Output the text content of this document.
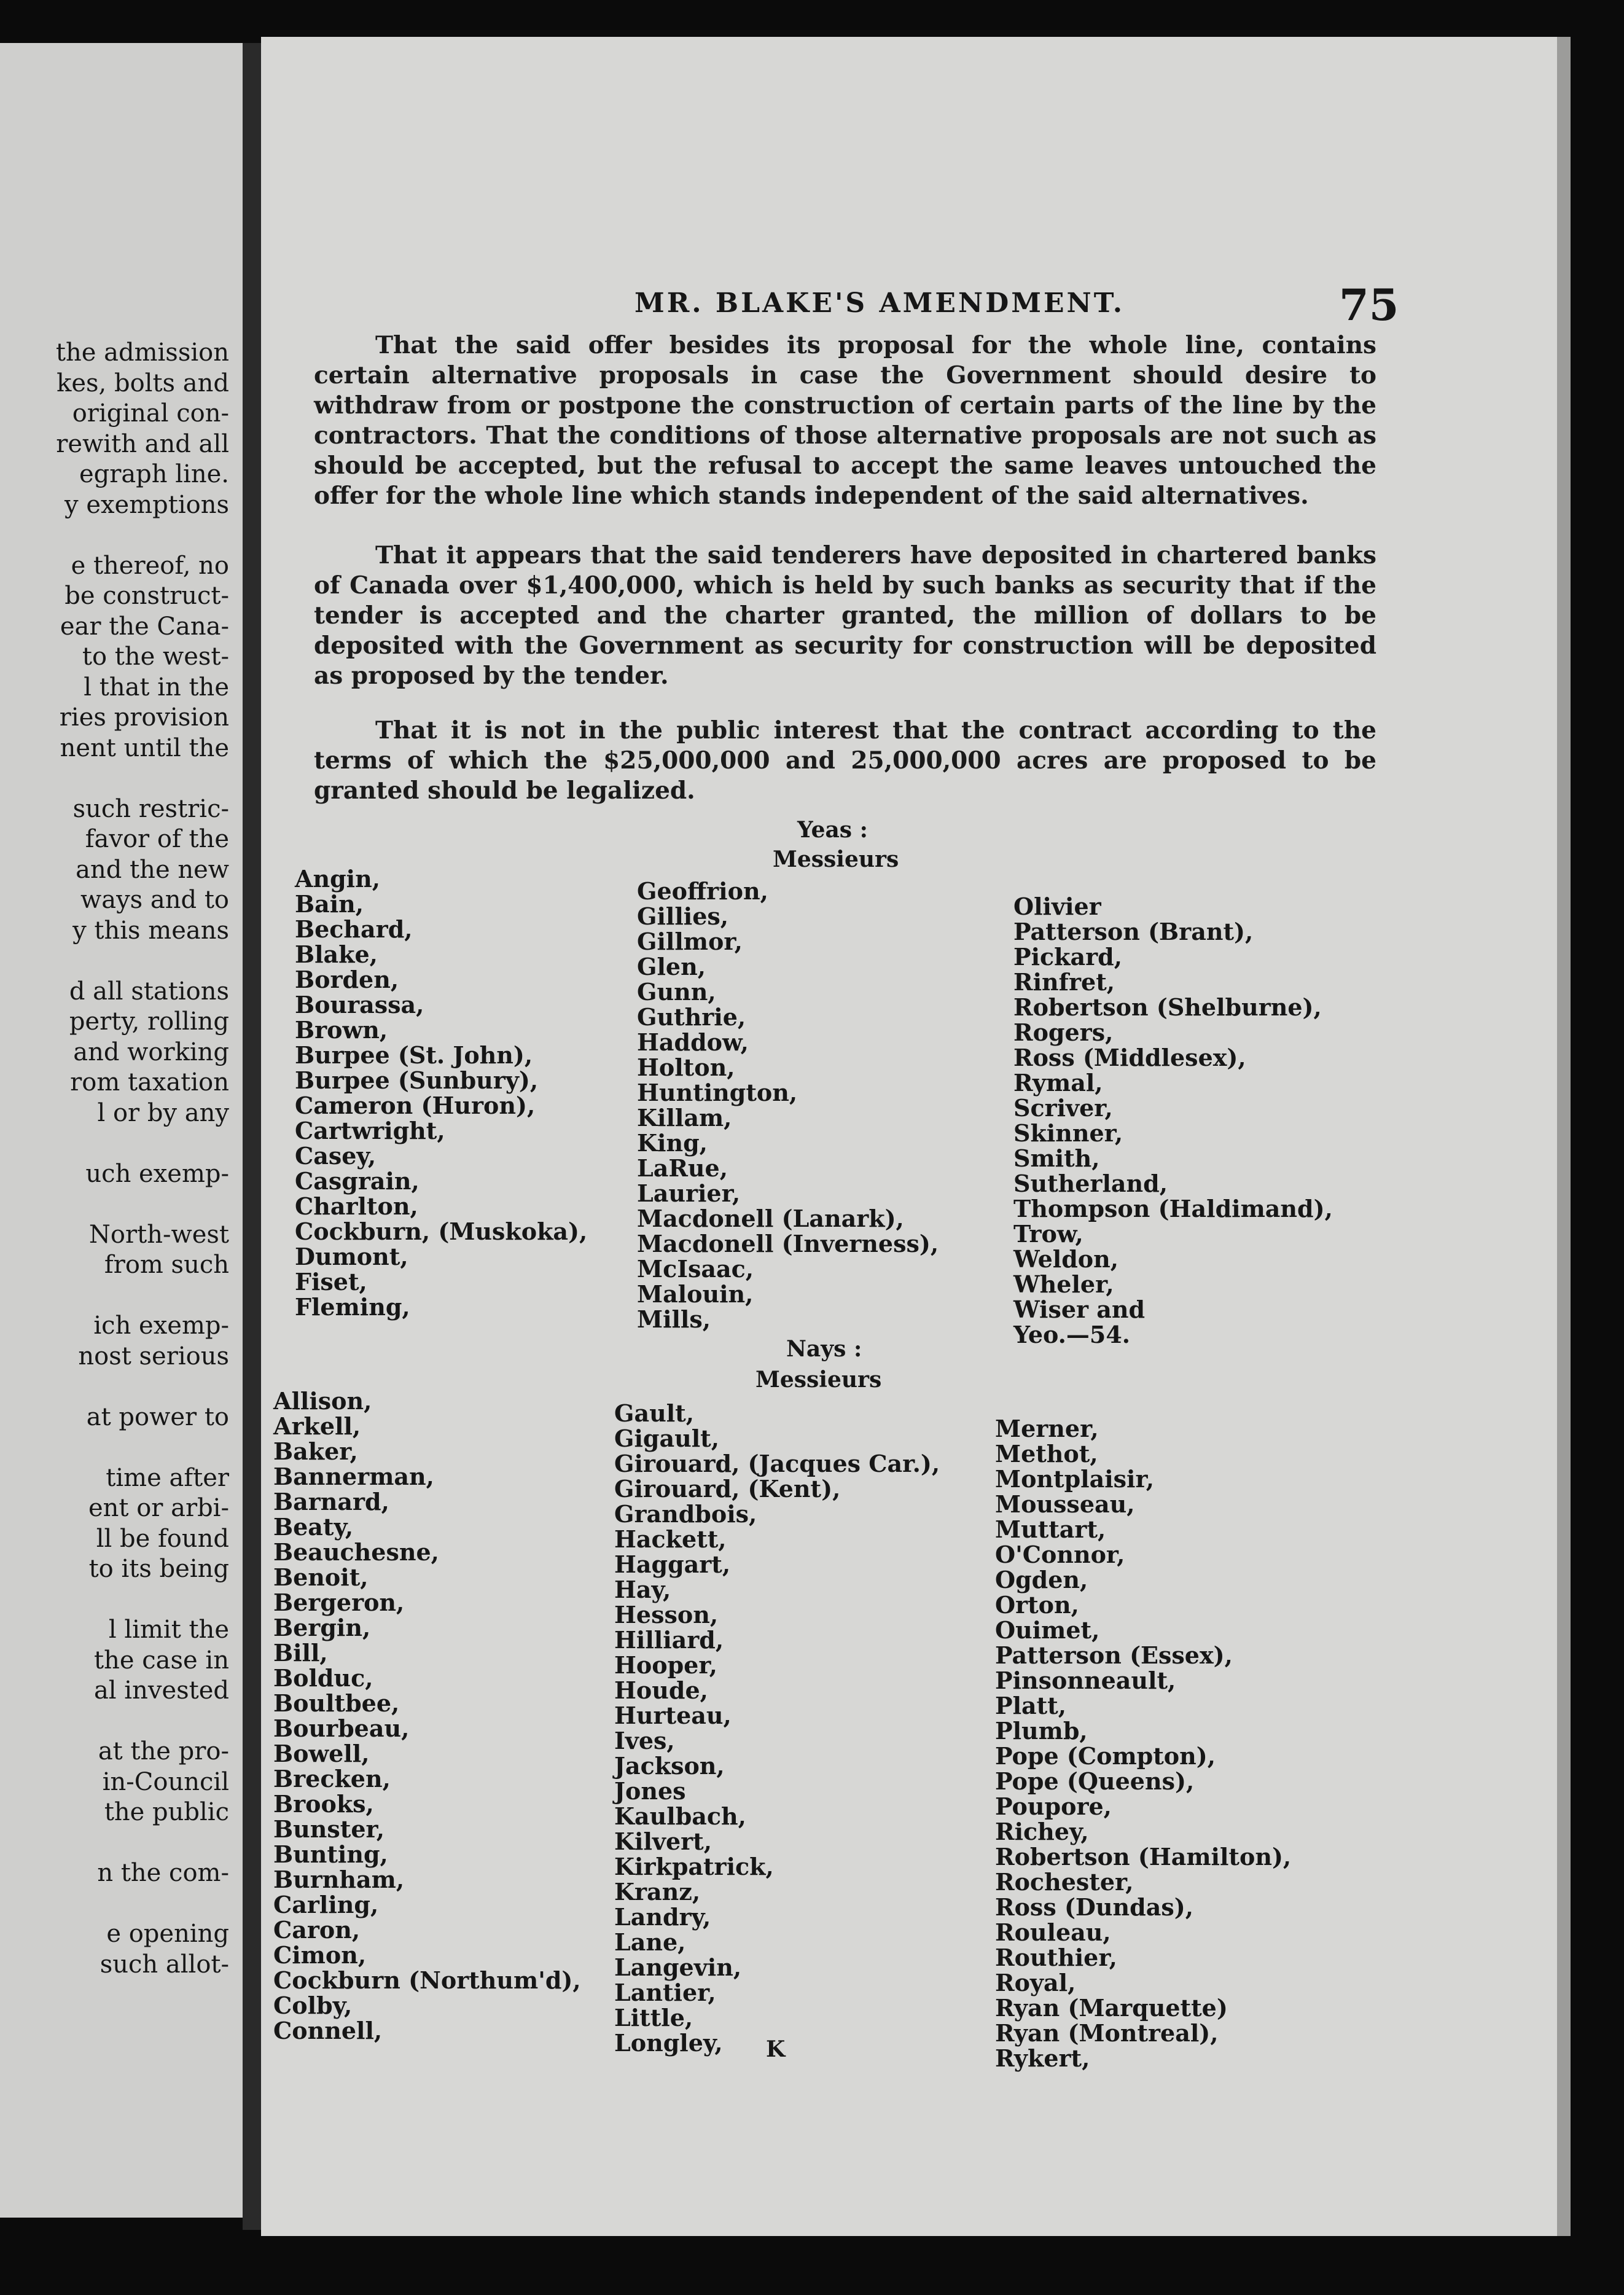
the admission
kes, bolts and
original con-
rewith and all
egraph line.
y exemptions
e thereof, no
be construct-
ear the Cana-
to the west-
l that in the
ries provision
nent until the
such restric-
favor of the
and the new
ways and to
y this means
d all stations
perty, rolling
and working
rom taxation
l or by any
uch exemp-
North-west
from such
ich exemp-
nost serious
at power to
time after
ent or arbi-
ll be found
to its being
l limit the
the case in
al invested
at the pro-
in-Council
the public
n the com-
e opening
such allot-
MR. BLAKE'S AMENDMENT.	75
That the said offer besides its proposal for the whole line, contains certain alternative proposals in case the Government should desire to withdraw from or postpone the construction of certain parts of the line by the contractors. That the conditions of those alternative proposals are not such as should be accepted, but the refusal to accept the same leaves untouched the offer for the whole line which stands independent of the said alternatives.
That it appears that the said tenderers have deposited in chartered banks of Canada over $1,400,000, which is held by such banks as security that if the tender is accepted and the charter granted, the million of dollars to be deposited with the Government as security for construction will be deposited as proposed by the tender.
That it is not in the public interest that the contract according to the terms of which the $25,000,000 and 25,000,000 acres are proposed to be granted should be legalized.
Yeas :
Messieurs
Angin,
Bain,
Bechard,
Blake,
Borden,
Bourassa,
Brown,
Burpee (St. John),
Burpee (Sunbury),
Cameron (Huron),
Cartwright,
Casey,
Casgrain,
Charlton,
Cockburn, (Muskoka),
Dumont,
Fiset,
Fleming,
Geoffrion,
Gillies,
Gillmor,
Glen,
Gunn,
Guthrie,
Haddow,
Holton,
Huntington,
Killam,
King,
LaRue,
Laurier,
Macdonell (Lanark),
Macdonell (Inverness),
McIsaac,
Malouin,
Mills,
Olivier
Patterson (Brant),
Pickard,
Rinfret,
Robertson (Shelburne),
Rogers,
Ross (Middlesex),
Rymal,
Scriver,
Skinner,
Smith,
Sutherland,
Thompson (Haldimand),
Trow,
Weldon,
Wheler,
Wiser and
Yeo.—54.
Nays :
Messieurs
Allison,
Arkell,
Baker,
Bannerman,
Barnard,
Beaty,
Beauchesne,
Benoit,
Bergeron,
Bergin,
Bill,
Bolduc,
Boultbee,
Bourbeau,
Bowell,
Brecken,
Brooks,
Bunster,
Bunting,
Burnham,
Carling,
Caron,
Cimon,
Cockburn (Northum'd),
Colby,
Connell,
Gault,
Gigault,
Girouard, (Jacques Car.),
Girouard, (Kent),
Grandbois,
Hackett,
Haggart,
Hay,
Hesson,
Hilliard,
Hooper,
Houde,
Hurteau,
Ives,
Jackson,
Jones
Kaulbach,
Kilvert,
Kirkpatrick,
Kranz,
Landry,
Lane,
Langevin,
Lantier,
Little,
Longley,
Merner,
Methot,
Montplaisir,
Mousseau,
Muttart,
O'Connor,
Ogden,
Orton,
Ouimet,
Patterson (Essex),
Pinsonneault,
Platt,
Plumb,
Pope (Compton),
Pope (Queens),
Poupore,
Richey,
Robertson (Hamilton),
Rochester,
Ross (Dundas),
Rouleau,
Routhier,
Royal,
Ryan (Marquette)
Ryan (Montreal),
Rykert,
K
